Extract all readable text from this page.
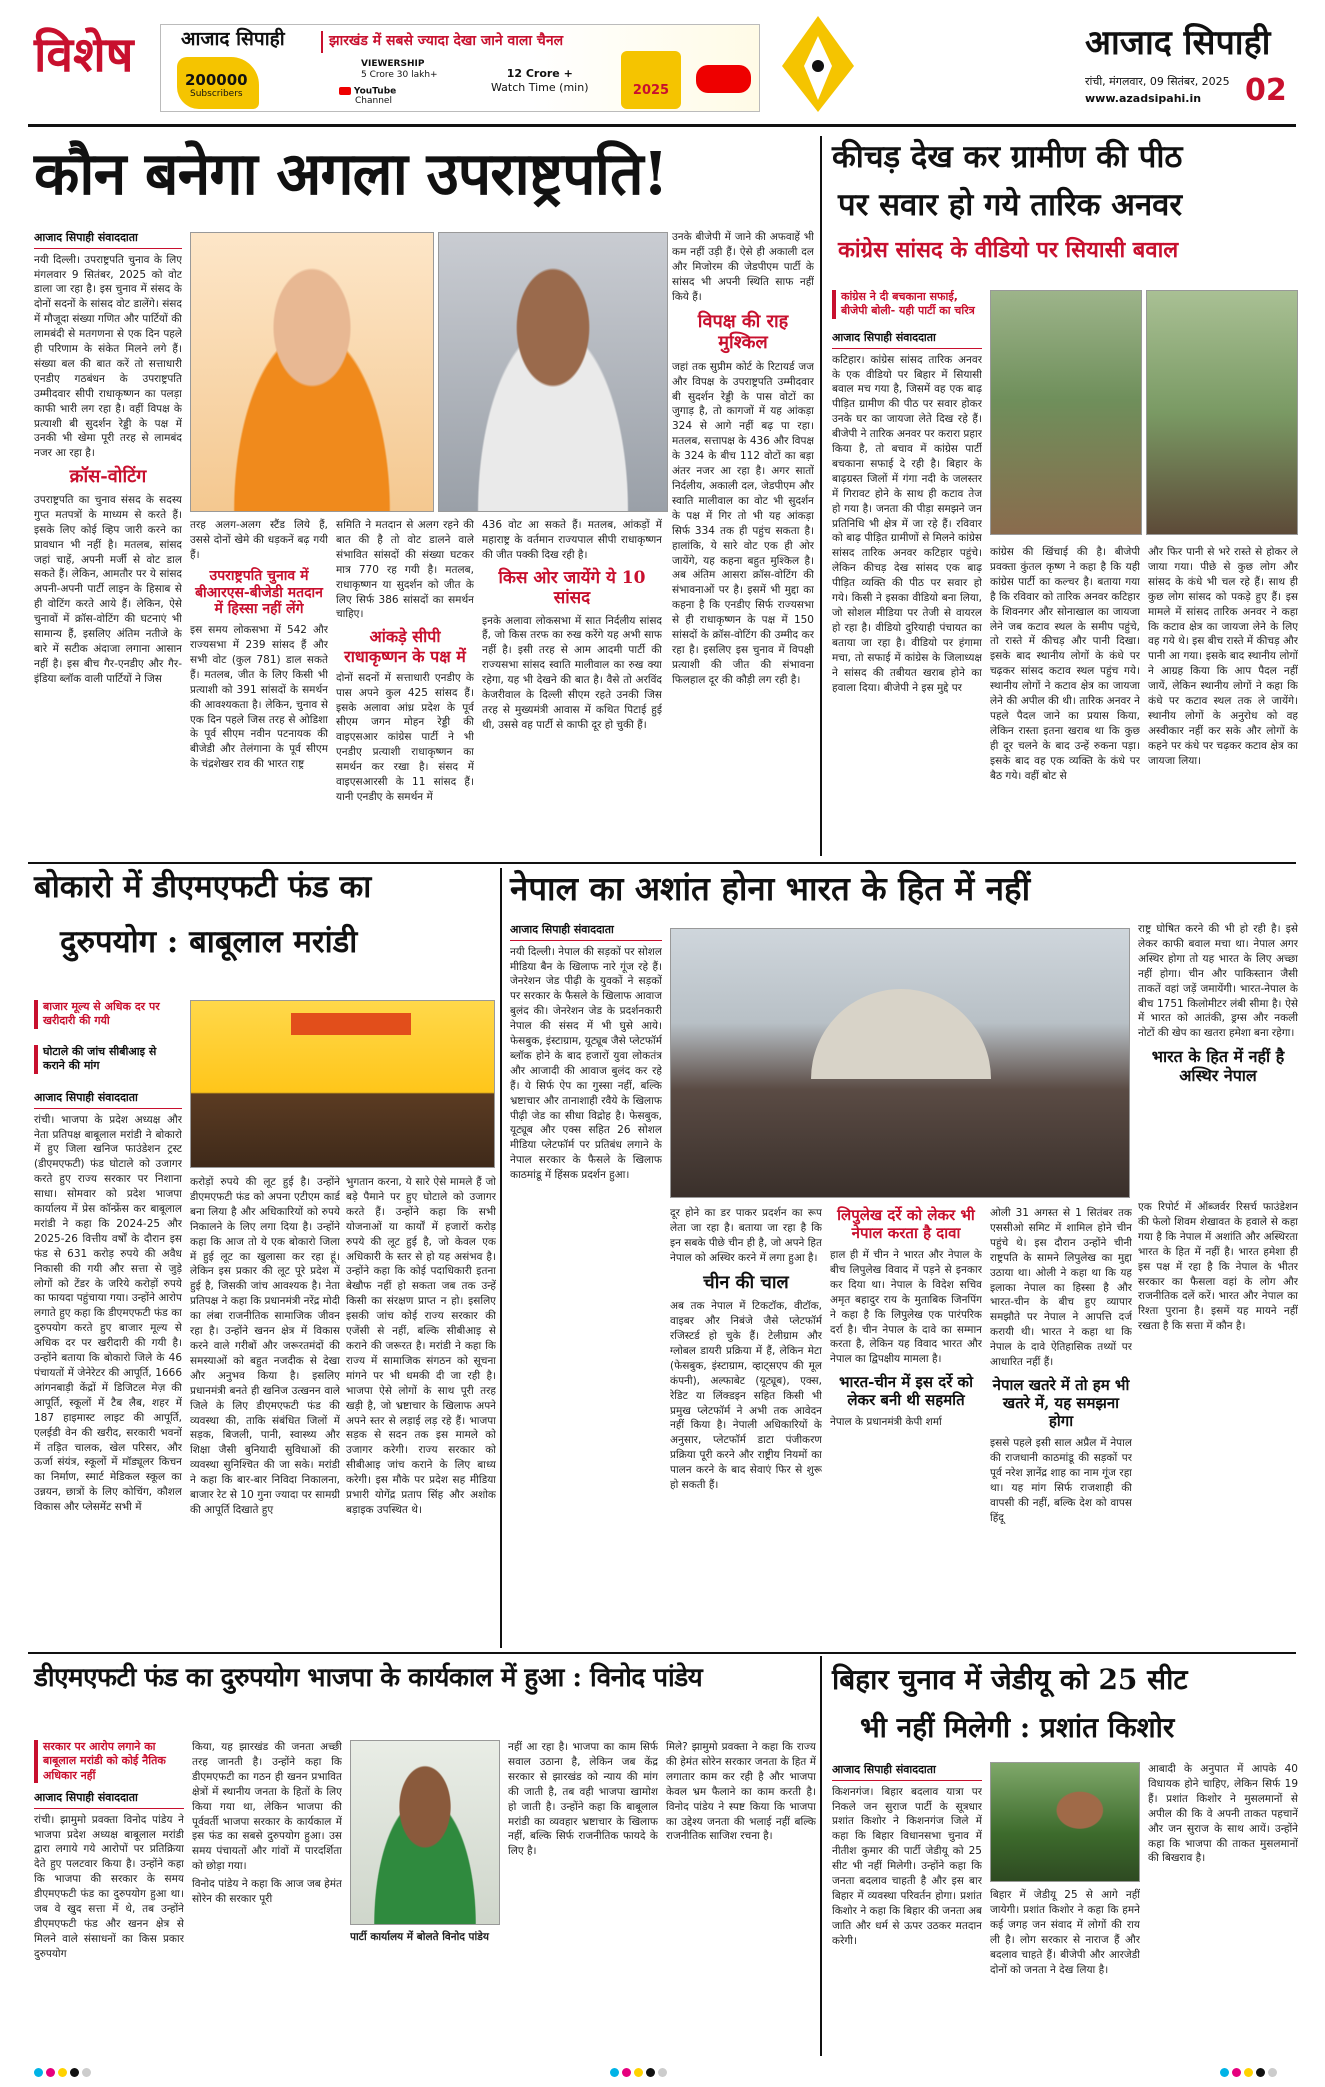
विशेष आजाद सिपाही	झारखंड में सबसे ज्यादा देखा जाने वाला चैनल
200000
Subscribers
VIEWERSHIP
5 Crore 30 lakh+
YouTube
Channel
12 Crore +
Watch Time (min)	2025
आजाद सिपाही
रांची, मंगलवार, 09 सितंबर, 2025
www.azadsipahi.in 02
कौन बनेगा अगला उपराष्ट्रपति!
आजाद सिपाही संवाददाता

नयी दिल्ली। उपराष्ट्रपति चुनाव के लिए मंगलवार 9 सितंबर, 2025 को वोट डाला जा रहा है। इस चुनाव में संसद के दोनों सदनों के सांसद वोट डालेंगे। संसद में मौजूदा संख्या गणित और पार्टियों की लामबंदी से मतगणना से एक दिन पहले ही परिणाम के संकेत मिलने लगे हैं। संख्या बल की बात करें तो सत्ताधारी एनडीए गठबंधन के उपराष्ट्रपति उम्मीदवार सीपी राधाकृष्णन का पलड़ा काफी भारी लग रहा है। वहीं विपक्ष के प्रत्याशी बी सुदर्शन रेड्डी के पक्ष में उनकी भी खेमा पूरी तरह से लामबंद नजर आ रहा है।

क्रॉस-वोटिंग

उपराष्ट्रपति का चुनाव संसद के सदस्य गुप्त मतपत्रों के माध्यम से करते हैं। इसके लिए कोई व्हिप जारी करने का प्रावधान भी नहीं है। मतलब, सांसद जहां चाहें, अपनी मर्जी से वोट डाल सकते हैं। लेकिन, आमतौर पर ये सांसद अपनी-अपनी पार्टी लाइन के हिसाब से ही वोटिंग करते आये हैं। लेकिन, ऐसे चुनावों में क्रॉस-वोटिंग की घटनाएं भी सामान्य हैं, इसलिए अंतिम नतीजे के बारे में सटीक अंदाजा लगाना आसान नहीं है। इस बीच गैर-एनडीए और गैर-इंडिया ब्लॉक वाली पार्टियों ने जिस

तरह अलग-अलग स्टैंड लिये हैं, उससे दोनों खेमे की धड़कनें बढ़ गयी हैं।

उपराष्ट्रपति चुनाव में बीआरएस-बीजेडी मतदान में हिस्सा नहीं लेंगे

इस समय लोकसभा में 542 और राज्यसभा में 239 सांसद हैं और सभी वोट (कुल 781) डाल सकते हैं। मतलब, जीत के लिए किसी भी प्रत्याशी को 391 सांसदों के समर्थन की आवश्यकता है। लेकिन, चुनाव से एक दिन पहले जिस तरह से ओडिशा के पूर्व सीएम नवीन पटनायक की बीजेडी और तेलंगाना के पूर्व सीएम के चंद्रशेखर राव की भारत राष्ट्र

समिति ने मतदान से अलग रहने की बात की है तो वोट डालने वाले संभावित सांसदों की संख्या घटकर मात्र 770 रह गयी है। मतलब, राधाकृष्णन या सुदर्शन को जीत के लिए सिर्फ 386 सांसदों का समर्थन चाहिए।

आंकड़े सीपी राधाकृष्णन के पक्ष में

दोनों सदनों में सत्ताधारी एनडीए के पास अपने कुल 425 सांसद हैं। इसके अलावा आंध्र प्रदेश के पूर्व सीएम जगन मोहन रेड्डी की वाइएसआर कांग्रेस पार्टी ने भी एनडीए प्रत्याशी राधाकृष्णन का समर्थन कर रखा है। संसद में वाइएसआरसी के 11 सांसद हैं। यानी एनडीए के समर्थन में

436 वोट आ सकते हैं। मतलब, आंकड़ों में महाराष्ट्र के वर्तमान राज्यपाल सीपी राधाकृष्णन की जीत पक्की दिख रही है।

किस ओर जायेंगे ये 10 सांसद

इनके अलावा लोकसभा में सात निर्दलीय सांसद हैं, जो किस तरफ का रुख करेंगे यह अभी साफ नहीं है। इसी तरह से आम आदमी पार्टी की राज्यसभा सांसद स्वाति मालीवाल का रुख क्या रहेगा, यह भी देखने की बात है। वैसे तो अरविंद केजरीवाल के दिल्ली सीएम रहते उनकी जिस तरह से मुख्यमंत्री आवास में कथित पिटाई हुई थी, उससे वह पार्टी से काफी दूर हो चुकी हैं।

उनके बीजेपी में जाने की अफवाहें भी कम नहीं उड़ी हैं। ऐसे ही अकाली दल और मिजोरम की जेडपीएम पार्टी के सांसद भी अपनी स्थिति साफ नहीं किये हैं।

विपक्ष की राह मुश्किल

जहां तक सुप्रीम कोर्ट के रिटायर्ड जज और विपक्ष के उपराष्ट्रपति उम्मीदवार बी सुदर्शन रेड्डी के पास वोटों का जुगाड़ है, तो कागजों में यह आंकड़ा 324 से आगे नहीं बढ़ पा रहा। मतलब, सत्तापक्ष के 436 और विपक्ष के 324 के बीच 112 वोटों का बड़ा अंतर नजर आ रहा है। अगर सातों निर्दलीय, अकाली दल, जेडपीएम और स्वाति मालीवाल का वोट भी सुदर्शन के पक्ष में गिर तो भी यह आंकड़ा सिर्फ 334 तक ही पहुंच सकता है। हालांकि, ये सारे वोट एक ही ओर जायेंगे, यह कहना बहुत मुश्किल है। अब अंतिम आसरा क्रॉस-वोटिंग की संभावनाओं पर है। इसमें भी मुद्दा का कहना है कि एनडीए सिर्फ राज्यसभा से ही राधाकृष्णन के पक्ष में 150 सांसदों के क्रॉस-वोटिंग की उम्मीद कर रहा है। इसलिए इस चुनाव में विपक्षी प्रत्याशी की जीत की संभावना फिलहाल दूर की कौड़ी लग रही है।

कीचड़ देख कर ग्रामीण की पीठ
पर सवार हो गये तारिक अनवर
कांग्रेस सांसद के वीडियो पर सियासी बवाल
कांग्रेस ने दी बचकाना सफाई, बीजेपी बोली- यही पार्टी का चरित्र
आजाद सिपाही संवाददाता

कटिहार। कांग्रेस सांसद तारिक अनवर के एक वीडियो पर बिहार में सियासी बवाल मच गया है, जिसमें वह एक बाढ़ पीड़ित ग्रामीण की पीठ पर सवार होकर उनके घर का जायजा लेते दिख रहे हैं। बीजेपी ने तारिक अनवर पर करारा प्रहार किया है, तो बचाव में कांग्रेस पार्टी बचकाना सफाई दे रही है। बिहार के बाढ़ग्रस्त जिलों में गंगा नदी के जलस्तर में गिरावट होने के साथ ही कटाव तेज हो गया है। जनता की पीड़ा समझने जन प्रतिनिधि भी क्षेत्र में जा रहे हैं। रविवार को बाढ़ पीड़ित ग्रामीणों से मिलने कांग्रेस सांसद तारिक अनवर कटिहार पहुंचे। लेकिन कीचड़ देख सांसद एक बाढ़ पीड़ित व्यक्ति की पीठ पर सवार हो गये। किसी ने इसका वीडियो बना लिया, जो सोशल मीडिया पर तेजी से वायरल हो रहा है। वीडियो दुरियाही पंचायत का बताया जा रहा है। वीडियो पर हंगामा मचा, तो सफाई में कांग्रेस के जिलाध्यक्ष ने सांसद की तबीयत खराब होने का हवाला दिया। बीजेपी ने इस मुद्दे पर

कांग्रेस की खिंचाई की है। बीजेपी प्रवक्ता कुंतल कृष्ण ने कहा है कि यही कांग्रेस पार्टी का कल्चर है। बताया गया है कि रविवार को तारिक अनवर कटिहार के शिवनगर और सोनाखाल का जायजा लेने जब कटाव स्थल के समीप पहुंचे, तो रास्ते में कीचड़ और पानी दिखा। इसके बाद स्थानीय लोगों के कंधे पर चढ़कर सांसद कटाव स्थल पहुंच गये। स्थानीय लोगों ने कटाव क्षेत्र का जायजा लेने की अपील की थी। तारिक अनवर ने पहले पैदल जाने का प्रयास किया, लेकिन रास्ता इतना खराब था कि कुछ ही दूर चलने के बाद उन्हें रुकना पड़ा। इसके बाद वह एक व्यक्ति के कंधे पर बैठ गये। वहीं बोट से

और फिर पानी से भरे रास्ते से होकर ले जाया गया। पीछे से कुछ लोग और सांसद के कंधे भी चल रहे हैं। साथ ही कुछ लोग सांसद को पकड़े हुए हैं। इस मामले में सांसद तारिक अनवर ने कहा कि कटाव क्षेत्र का जायजा लेने के लिए वह गये थे। इस बीच रास्ते में कीचड़ और पानी आ गया। इसके बाद स्थानीय लोगों ने आग्रह किया कि आप पैदल नहीं जायें, लेकिन स्थानीय लोगों ने कहा कि कंधे पर कटाव स्थल तक ले जायेंगे। स्थानीय लोगों के अनुरोध को वह अस्वीकार नहीं कर सके और लोगों के कहने पर कंधे पर चढ़कर कटाव क्षेत्र का जायजा लिया।

बोकारो में डीएमएफटी फंड का
दुरुपयोग : बाबूलाल मरांडी
बाजार मूल्य से अधिक दर पर खरीदारी की गयी
घोटाले की जांच सीबीआइ से कराने की मांग
आजाद सिपाही संवाददाता

रांची। भाजपा के प्रदेश अध्यक्ष और नेता प्रतिपक्ष बाबूलाल मरांडी ने बोकारो में हुए जिला खनिज फाउंडेशन ट्रस्ट (डीएमएफटी) फंड घोटाले को उजागर करते हुए राज्य सरकार पर निशाना साधा। सोमवार को प्रदेश भाजपा कार्यालय में प्रेस कॉन्फ्रेंस कर बाबूलाल मरांडी ने कहा कि 2024-25 और 2025-26 वित्तीय वर्षों के दौरान इस फंड से 631 करोड़ रुपये की अवैध निकासी की गयी और सत्ता से जुड़े लोगों को टेंडर के जरिये करोड़ों रुपये का फायदा पहुंचाया गया। उन्होंने आरोप लगाते हुए कहा कि डीएमएफटी फंड का दुरुपयोग करते हुए बाजार मूल्य से अधिक दर पर खरीदारी की गयी है। उन्होंने बताया कि बोकारो जिले के 46 पंचायतों में जेनेरेटर की आपूर्ति, 1666 आंगनबाड़ी केंद्रों में डिजिटल मेज़ की आपूर्ति, स्कूलों में टैब लैब, शहर में 187 हाइमास्ट लाइट की आपूर्ति, एलईडी वेन की खरीद, सरकारी भवनों में तड़ित चालक, खेल परिसर, और ऊर्जा संयंत्र, स्कूलों में मॉड्यूलर किचन का निर्माण, स्मार्ट मेडिकल स्कूल का उन्नयन, छात्रों के लिए कोचिंग, कौशल विकास और प्लेसमेंट सभी में

करोड़ों रुपये की लूट हुई है। उन्होंने डीएमएफटी फंड को अपना एटीएम कार्ड बना लिया है और अधिकारियों को रुपये निकालने के लिए लगा दिया है। उन्होंने कहा कि आज तो ये एक बोकारो जिला में हुई लूट का खुलासा कर रहा हूं। लेकिन इस प्रकार की लूट पूरे प्रदेश में हुई है, जिसकी जांच आवश्यक है। नेता प्रतिपक्ष ने कहा कि प्रधानमंत्री नरेंद्र मोदी का लंबा राजनीतिक सामाजिक जीवन रहा है। उन्होंने खनन क्षेत्र में विकास करने वाले गरीबों और जरूरतमंदों की समस्याओं को बहुत नजदीक से देखा और अनुभव किया है। इसलिए प्रधानमंत्री बनते ही खनिज उत्खनन वाले जिले के लिए डीएमएफटी फंड की व्यवस्था की, ताकि संबंधित जिलों में सड़क, बिजली, पानी, स्वास्थ्य और शिक्षा जैसी बुनियादी सुविधाओं की व्यवस्था सुनिश्चित की जा सके। मरांडी ने कहा कि बार-बार निविदा निकालना, बाजार रेट से 10 गुना ज्यादा पर सामग्री की आपूर्ति दिखाते हुए

भुगतान करना, ये सारे ऐसे मामले हैं जो बड़े पैमाने पर हुए घोटाले को उजागर करते हैं। उन्होंने कहा कि सभी योजनाओं या कार्यों में हजारों करोड़ रुपये की लूट हुई है, जो केवल एक अधिकारी के स्तर से हो यह असंभव है। उन्होंने कहा कि कोई पदाधिकारी इतना बेखौफ नहीं हो सकता जब तक उन्हें किसी का संरक्षण प्राप्त न हो। इसलिए इसकी जांच कोई राज्य सरकार की एजेंसी से नहीं, बल्कि सीबीआइ से कराने की जरूरत है। मरांडी ने कहा कि राज्य में सामाजिक संगठन को सूचना मांगने पर भी धमकी दी जा रही है। भाजपा ऐसे लोगों के साथ पूरी तरह खड़ी है, जो भ्रष्टाचार के खिलाफ अपने अपने स्तर से लड़ाई लड़ रहे हैं। भाजपा सड़क से सदन तक इस मामले को उजागर करेगी। राज्य सरकार को सीबीआइ जांच कराने के लिए बाध्य करेगी। इस मौके पर प्रदेश सह मीडिया प्रभारी योगेंद्र प्रताप सिंह और अशोक बड़ाइक उपस्थित थे।

नेपाल का अशांत होना भारत के हित में नहीं
आजाद सिपाही संवाददाता

नयी दिल्ली। नेपाल की सड़कों पर सोशल मीडिया बैन के खिलाफ नारे गूंज रहे हैं। जेनरेशन जेड पीढ़ी के युवकों ने सड़कों पर सरकार के फैसले के खिलाफ आवाज बुलंद की। जेनरेशन जेड के प्रदर्शनकारी नेपाल की संसद में भी घुसे आये। फेसबुक, इंस्टाग्राम, यूट्यूब जैसे प्लेटफॉर्म ब्लॉक होने के बाद हजारों युवा लोकतंत्र और आजादी की आवाज बुलंद कर रहे हैं। ये सिर्फ ऐप का गुस्सा नहीं, बल्कि भ्रष्टाचार और तानाशाही रवैये के खिलाफ पीढ़ी जेड का सीधा विद्रोह है। फेसबुक, यूट्यूब और एक्स सहित 26 सोशल मीडिया प्लेटफॉर्म पर प्रतिबंध लगाने के नेपाल सरकार के फैसले के खिलाफ काठमांडू में हिंसक प्रदर्शन हुआ।

राष्ट्र घोषित करने की भी हो रही है। इसे लेकर काफी बवाल मचा था। नेपाल अगर अस्थिर होगा तो यह भारत के लिए अच्छा नहीं होगा। चीन और पाकिस्तान जैसी ताकतें वहां जड़ें जमायेंगी। भारत-नेपाल के बीच 1751 किलोमीटर लंबी सीमा है। ऐसे में भारत को आतंकी, ड्रग्स और नकली नोटों की खेप का खतरा हमेशा बना रहेगा।

भारत के हित में नहीं है अस्थिर नेपाल

दूर होने का डर पाकर प्रदर्शन का रूप लेता जा रहा है। बताया जा रहा है कि इन सबके पीछे चीन ही है, जो अपने हित नेपाल को अस्थिर करने में लगा हुआ है।

चीन की चाल

अब तक नेपाल में टिकटॉक, वीटॉक, वाइबर और निबंजे जैसे प्लेटफॉर्म रजिस्टर्ड हो चुके हैं। टेलीग्राम और ग्लोबल डायरी प्रक्रिया में हैं, लेकिन मेटा (फेसबुक, इंस्टाग्राम, व्हाट्सएप की मूल कंपनी), अल्फाबेट (यूट्यूब), एक्स, रेडिट या लिंक्डइन सहित किसी भी प्रमुख प्लेटफॉर्म ने अभी तक आवेदन नहीं किया है। नेपाली अधिकारियों के अनुसार, प्लेटफॉर्म डाटा पंजीकरण प्रक्रिया पूरी करने और राष्ट्रीय नियमों का पालन करने के बाद सेवाएं फिर से शुरू हो सकती हैं।

लिपुलेख दर्रे को लेकर भी नेपाल करता है दावा

हाल ही में चीन ने भारत और नेपाल के बीच लिपुलेख विवाद में पड़ने से इनकार कर दिया था। नेपाल के विदेश सचिव अमृत बहादुर राय के मुताबिक जिनपिंग ने कहा है कि लिपुलेख एक पारंपरिक दर्रा है। चीन नेपाल के दावे का सम्मान करता है, लेकिन यह विवाद भारत और नेपाल का द्विपक्षीय मामला है।

भारत-चीन में इस दर्रे को लेकर बनी थी सहमति

नेपाल के प्रधानमंत्री केपी शर्मा

ओली 31 अगस्त से 1 सितंबर तक एससीओ समिट में शामिल होने चीन पहुंचे थे। इस दौरान उन्होंने चीनी राष्ट्रपति के सामने लिपुलेख का मुद्दा उठाया था। ओली ने कहा था कि यह इलाका नेपाल का हिस्सा है और भारत-चीन के बीच हुए व्यापार समझौते पर नेपाल ने आपत्ति दर्ज करायी थी। भारत ने कहा था कि नेपाल के दावे ऐतिहासिक तथ्यों पर आधारित नहीं हैं।

नेपाल खतरे में तो हम भी खतरे में, यह समझना होगा

इससे पहले इसी साल अप्रैल में नेपाल की राजधानी काठमांडू की सड़कों पर पूर्व नरेश ज्ञानेंद्र शाह का नाम गूंज रहा था। यह मांग सिर्फ राजशाही की वापसी की नहीं, बल्कि देश को वापस हिंदू

एक रिपोर्ट में ऑब्जर्वर रिसर्च फाउंडेशन की फेलो शिवम शेखावत के हवाले से कहा गया है कि नेपाल में अशांति और अस्थिरता भारत के हित में नहीं है। भारत हमेशा ही इस पक्ष में रहा है कि नेपाल के भीतर सरकार का फैसला वहां के लोग और राजनीतिक दलें करें। भारत और नेपाल का रिश्ता पुराना है। इसमें यह मायने नहीं रखता है कि सत्ता में कौन है।

डीएमएफटी फंड का दुरुपयोग भाजपा के कार्यकाल में हुआ : विनोद पांडेय
सरकार पर आरोप लगाने का बाबूलाल मरांडी को कोई नैतिक अधिकार नहीं
आजाद सिपाही संवाददाता

रांची। झामुमो प्रवक्ता विनोद पांडेय ने भाजपा प्रदेश अध्यक्ष बाबूलाल मरांडी द्वारा लगाये गये आरोपों पर प्रतिक्रिया देते हुए पलटवार किया है। उन्होंने कहा कि भाजपा की सरकार के समय डीएमएफटी फंड का दुरुपयोग हुआ था। जब वे खुद सत्ता में थे, तब उन्होंने डीएमएफटी फंड और खनन क्षेत्र से मिलने वाले संसाधनों का किस प्रकार दुरुपयोग

किया, यह झारखंड की जनता अच्छी तरह जानती है। उन्होंने कहा कि डीएमएफटी का गठन ही खनन प्रभावित क्षेत्रों में स्थानीय जनता के हितों के लिए किया गया था, लेकिन भाजपा की पूर्ववर्ती भाजपा सरकार के कार्यकाल में इस फंड का सबसे दुरुपयोग हुआ। उस समय पंचायतों और गांवों में पारदर्शिता को छोड़ा गया।

विनोद पांडेय ने कहा कि आज जब हेमंत सोरेन की सरकार पूरी

पार्टी कार्यालय में बोलते विनोद पांडेय

नहीं आ रहा है। भाजपा का काम सिर्फ सवाल उठाना है, लेकिन जब केंद्र सरकार से झारखंड को न्याय की मांग की जाती है, तब वही भाजपा खामोश हो जाती है। उन्होंने कहा कि बाबूलाल मरांडी का व्यवहार भ्रष्टाचार के खिलाफ नहीं, बल्कि सिर्फ राजनीतिक फायदे के लिए है।

मिले? झामुमो प्रवक्ता ने कहा कि राज्य की हेमंत सोरेन सरकार जनता के हित में लगातार काम कर रही है और भाजपा केवल भ्रम फैलाने का काम करती है। विनोद पांडेय ने स्पष्ट किया कि भाजपा का उद्देश्य जनता की भलाई नहीं बल्कि राजनीतिक साजिश रचना है।

बिहार चुनाव में जेडीयू को 25 सीट
भी नहीं मिलेगी : प्रशांत किशोर
आजाद सिपाही संवाददाता

किशनगंज। बिहार बदलाव यात्रा पर निकले जन सुराज पार्टी के सूत्रधार प्रशांत किशोर ने किशनगंज जिले में कहा कि बिहार विधानसभा चुनाव में नीतीश कुमार की पार्टी जेडीयू को 25 सीट भी नहीं मिलेगी। उन्होंने कहा कि जनता बदलाव चाहती है और इस बार बिहार में व्यवस्था परिवर्तन होगा। प्रशांत किशोर ने कहा कि बिहार की जनता अब जाति और धर्म से ऊपर उठकर मतदान करेगी।

बिहार में जेडीयू 25 से आगे नहीं जायेगी। प्रशांत किशोर ने कहा कि हमने कई जगह जन संवाद में लोगों की राय ली है। लोग सरकार से नाराज हैं और बदलाव चाहते हैं। बीजेपी और आरजेडी दोनों को जनता ने देख लिया है।

आबादी के अनुपात में आपके 40 विधायक होने चाहिए, लेकिन सिर्फ 19 हैं। प्रशांत किशोर ने मुसलमानों से अपील की कि वे अपनी ताकत पहचानें और जन सुराज के साथ आयें। उन्होंने कहा कि भाजपा की ताकत मुसलमानों की बिखराव है।
